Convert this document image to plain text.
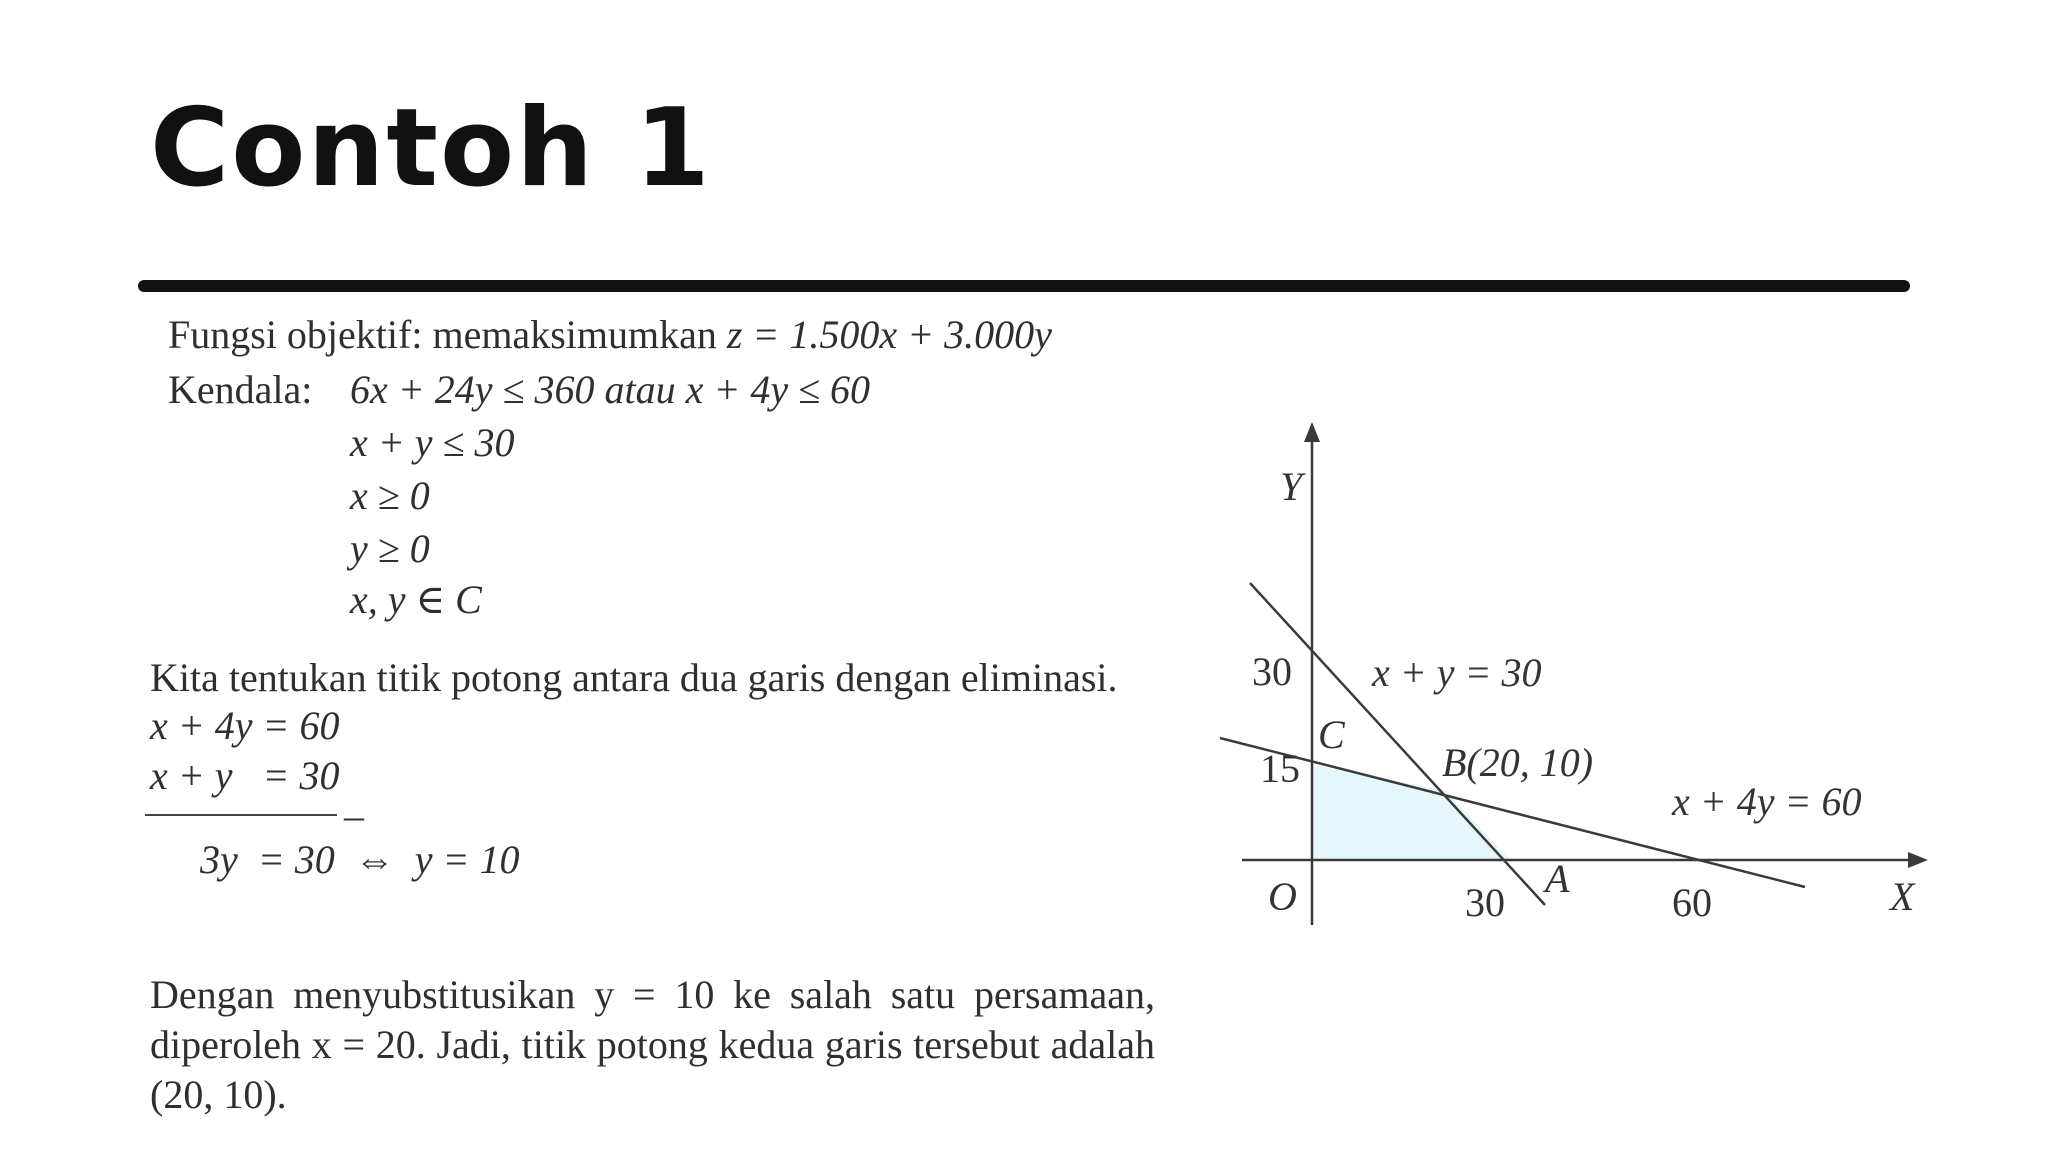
Contoh 1
Fungsi objektif: memaksimumkan z = 1.500x + 3.000y
Kendala: 6x + 24y ≤ 360 atau x + 4y ≤ 60
x + y ≤ 30
x ≥ 0
y ≥ 0
x, y ∈ C
Kita tentukan titik potong antara dua garis dengan eliminasi.
x + 4y = 60
x + y   = 30
–
3y  = 30  ⇔  y = 10

Dengan menyubstitusikan y = 10 ke salah satu persamaan, diperoleh x = 20. Jadi, titik potong kedua garis tersebut adalah (20, 10).

Y
X
O
30
15
30	60
x + y = 30
x + 4y = 60
C
B(20, 10)
A
